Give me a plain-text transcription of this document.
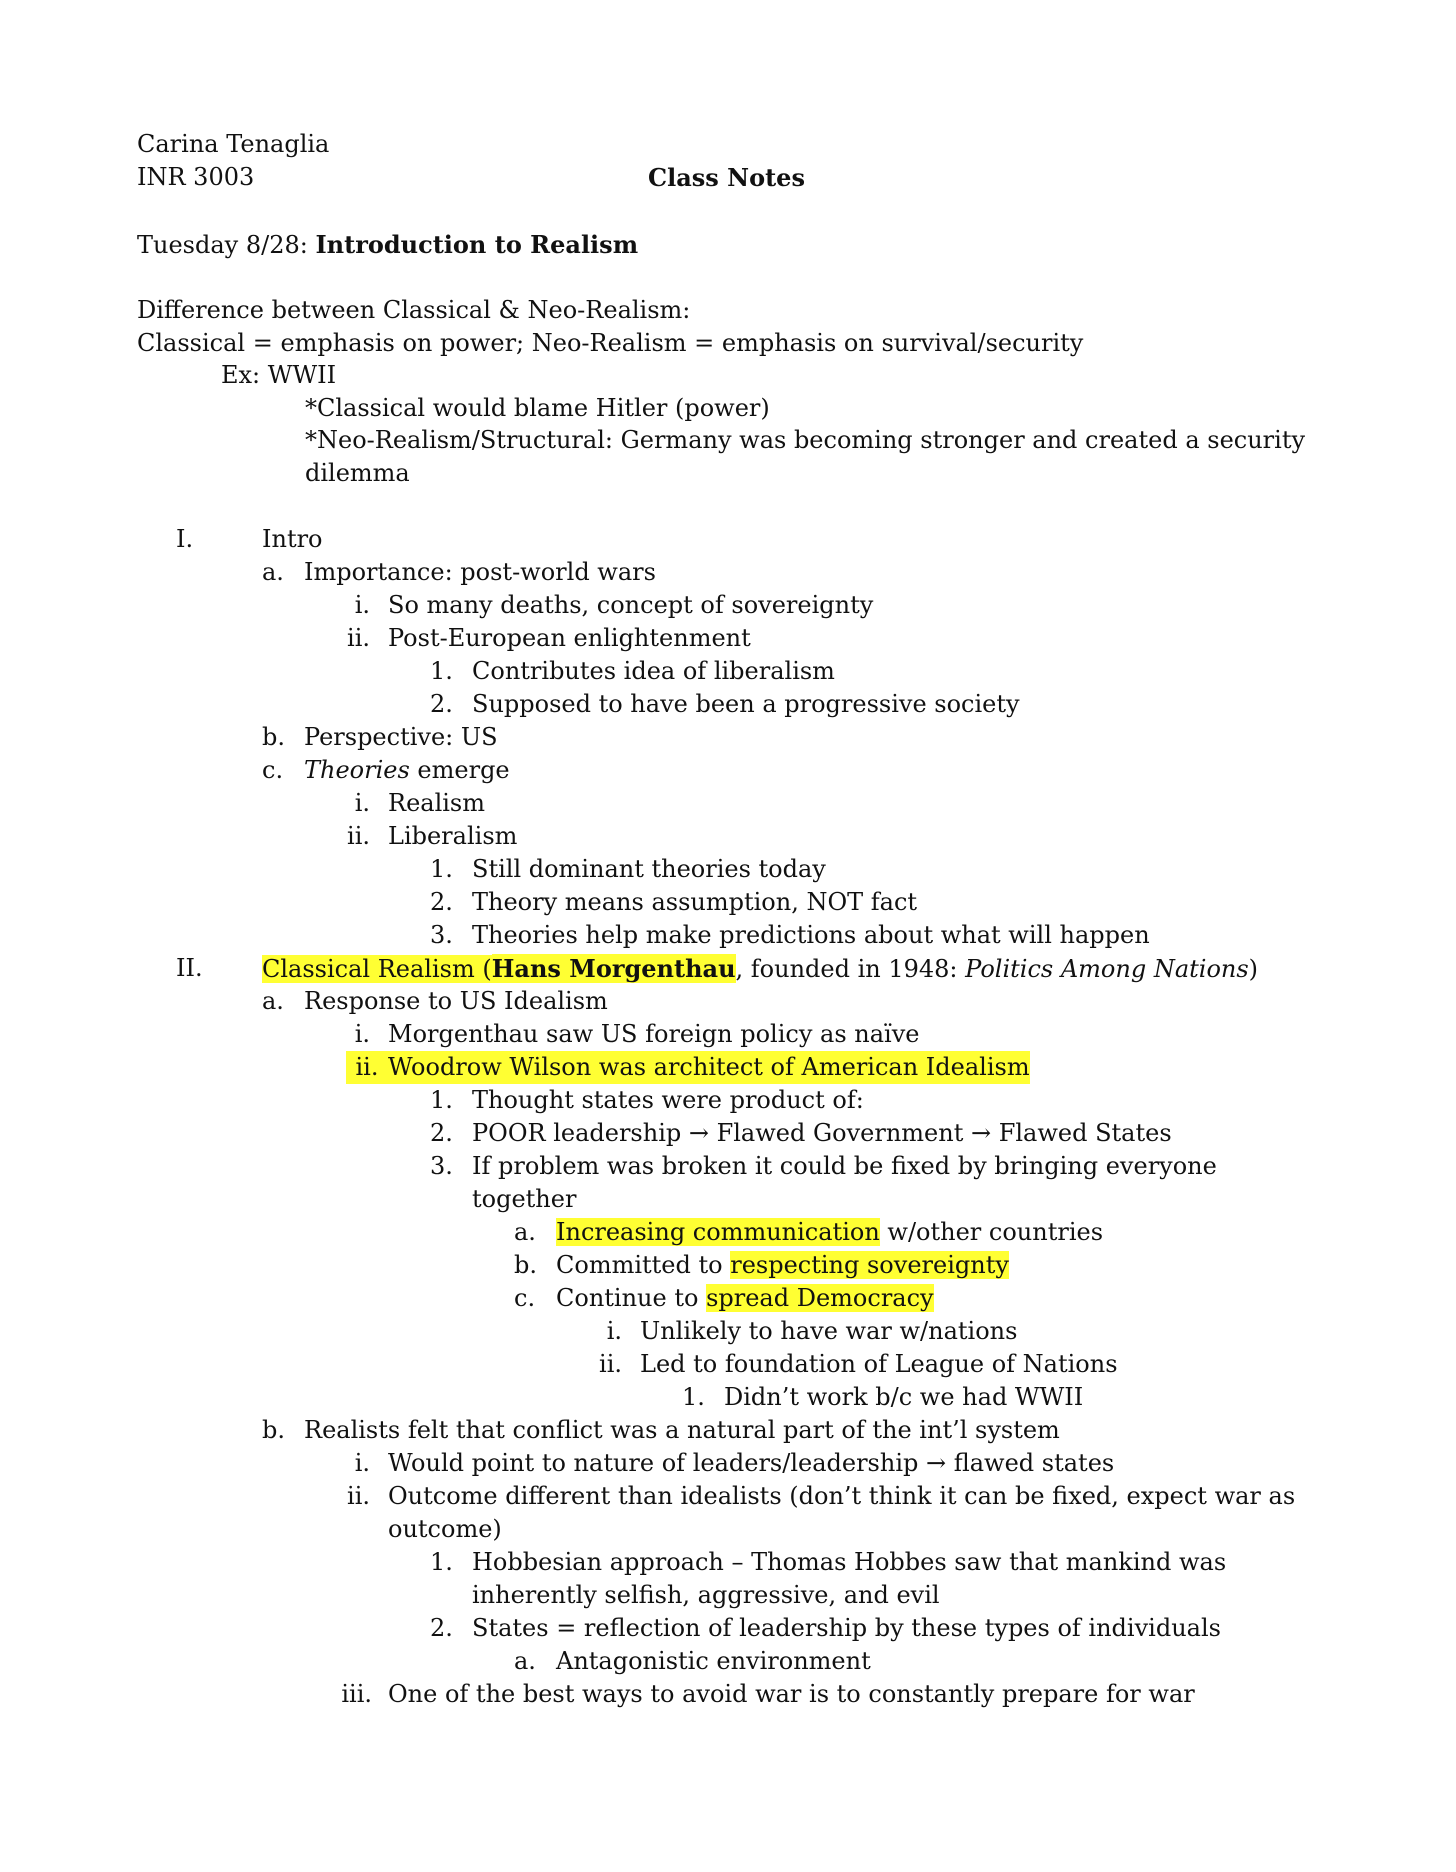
Carina Tenaglia
INR 3003	Class Notes
Tuesday 8/28: Introduction to Realism
Difference between Classical & Neo-Realism:
Classical = emphasis on power; Neo-Realism = emphasis on survival/security
Ex: WWII
*Classical would blame Hitler (power)
*Neo-Realism/Structural: Germany was becoming stronger and created a security
dilemma
I.	Intro
a. Importance: post-world wars
i. So many deaths, concept of sovereignty
ii. Post-European enlightenment
1. Contributes idea of liberalism
2. Supposed to have been a progressive society
b. Perspective: US
c. Theories emerge
i. Realism
ii. Liberalism
1. Still dominant theories today
2. Theory means assumption, NOT fact
3. Theories help make predictions about what will happen
II. Classical Realism (Hans Morgenthau, founded in 1948: Politics Among Nations)
a. Response to US Idealism
i. Morgenthau saw US foreign policy as naïve
ii. Woodrow Wilson was architect of American Idealism
1. Thought states were product of:
2. POOR leadership → Flawed Government → Flawed States
3. If problem was broken it could be fixed by bringing everyone
together
a. Increasing communication w/other countries
b. Committed to respecting sovereignty
c. Continue to spread Democracy
i. Unlikely to have war w/nations
ii. Led to foundation of League of Nations
1. Didn’t work b/c we had WWII
b. Realists felt that conflict was a natural part of the int’l system
i. Would point to nature of leaders/leadership → flawed states
ii. Outcome different than idealists (don’t think it can be fixed, expect war as
outcome)
1. Hobbesian approach – Thomas Hobbes saw that mankind was
inherently selfish, aggressive, and evil
2. States = reflection of leadership by these types of individuals
a. Antagonistic environment
iii. One of the best ways to avoid war is to constantly prepare for war
